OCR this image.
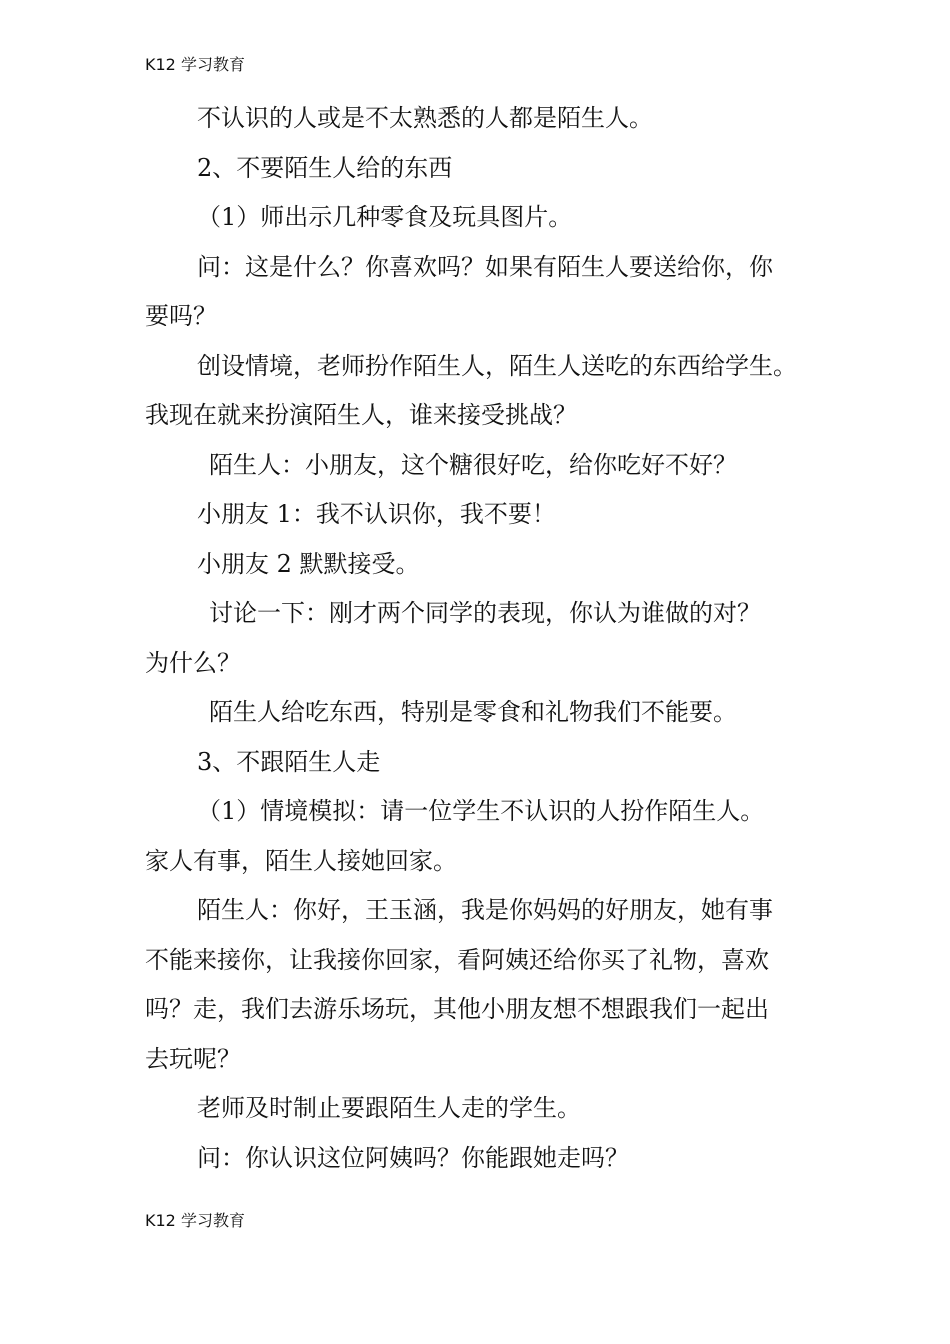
K12 学习教育
不认识的人或是不太熟悉的人都是陌生人。
2、不要陌生人给的东西
（1）师出示几种零食及玩具图片。
问：这是什么？你喜欢吗？如果有陌生人要送给你，你
要吗？
创设情境，老师扮作陌生人，陌生人送吃的东西给学生。
我现在就来扮演陌生人，谁来接受挑战？
陌生人：小朋友，这个糖很好吃，给你吃好不好？
小朋友 1：我不认识你，我不要！
小朋友 2 默默接受。
讨论一下：刚才两个同学的表现，你认为谁做的对？
为什么？
陌生人给吃东西，特别是零食和礼物我们不能要。
3、不跟陌生人走
（1）情境模拟：请一位学生不认识的人扮作陌生人。
家人有事，陌生人接她回家。
陌生人：你好，王玉涵，我是你妈妈的好朋友，她有事
不能来接你，让我接你回家，看阿姨还给你买了礼物，喜欢
吗？走，我们去游乐场玩，其他小朋友想不想跟我们一起出
去玩呢？
老师及时制止要跟陌生人走的学生。
问：你认识这位阿姨吗？你能跟她走吗？
K12 学习教育
